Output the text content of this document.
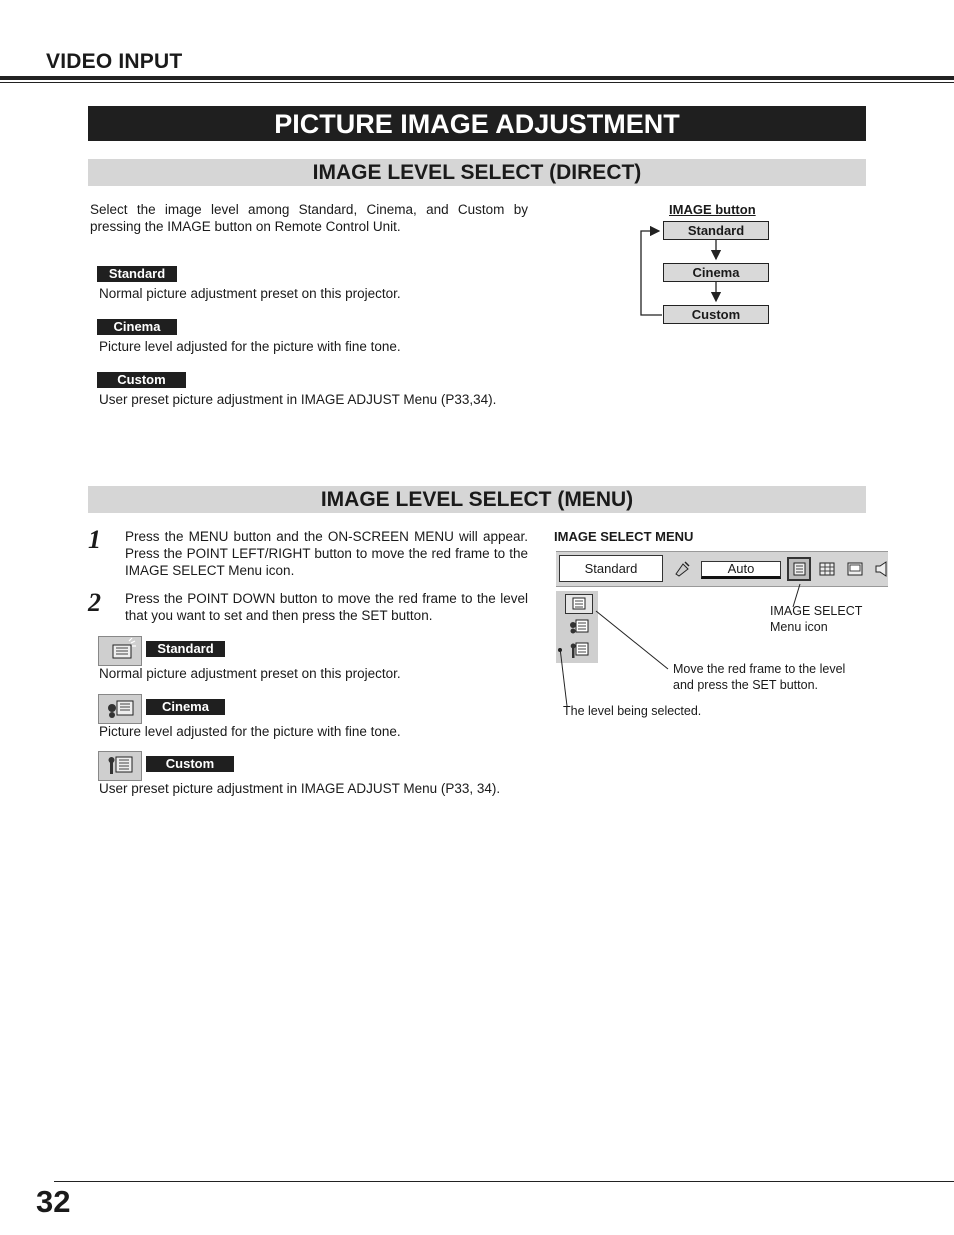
VIDEO INPUT
PICTURE IMAGE ADJUSTMENT
IMAGE LEVEL SELECT (DIRECT)
Select the image level among Standard, Cinema, and Custom by pressing the IMAGE button on Remote Control Unit.
Standard
Normal picture adjustment preset on this projector.
Cinema
Picture level adjusted for the picture with fine tone.
Custom
User preset picture adjustment in IMAGE ADJUST Menu (P33,34).
IMAGE button
Standard
Cinema
Custom
IMAGE LEVEL SELECT (MENU)
1 Press the MENU button and the ON-SCREEN MENU will appear. Press the POINT LEFT/RIGHT button to move the red frame to the IMAGE SELECT Menu icon.
2 Press the POINT DOWN button to move the red frame to the level that you want to set and then press the SET button.
Standard
Normal picture adjustment preset on this projector.
Cinema
Picture level adjusted for the picture with fine tone.
Custom
User preset picture adjustment in IMAGE ADJUST Menu (P33, 34).
IMAGE SELECT MENU
Standard	Auto
IMAGE SELECT
Menu icon
Move the red frame to the level
and press the SET button.
The level being selected.
32
